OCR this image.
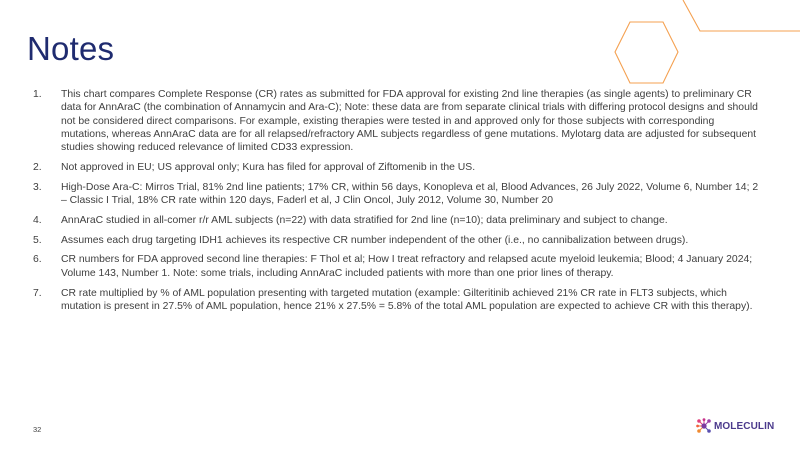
Notes
1.	This chart compares Complete Response (CR) rates as submitted for FDA approval for existing 2nd line therapies (as single agents) to preliminary CR data for AnnAraC (the combination of Annamycin and Ara-C); Note: these data are from separate clinical trials with differing protocol designs and should not be considered direct comparisons. For example, existing therapies were tested in and approved only for those subjects with corresponding mutations, whereas AnnAraC data are for all relapsed/refractory AML subjects regardless of gene mutations. Mylotarg data are adjusted for subsequent studies showing reduced relevance of limited CD33 expression.
2.	Not approved in EU; US approval only; Kura has filed for approval of Ziftomenib in the US.
3.	High-Dose Ara-C: Mirros Trial, 81% 2nd line patients; 17% CR, within 56 days, Konopleva et al, Blood Advances, 26 July 2022, Volume 6, Number 14; 2 – Classic I Trial, 18% CR rate within 120 days, Faderl et al, J Clin Oncol, July 2012, Volume 30, Number 20
4.	AnnAraC studied in all-comer r/r AML subjects (n=22) with data stratified for 2nd line (n=10); data preliminary and subject to change.
5.	Assumes each drug targeting IDH1 achieves its respective CR number independent of the other (i.e., no cannibalization between drugs).
6.	CR numbers for FDA approved second line therapies: F Thol et al; How I treat refractory and relapsed acute myeloid leukemia; Blood; 4 January 2024; Volume 143, Number 1. Note: some trials, including AnnAraC included patients with more than one prior lines of therapy.
7.	CR rate multiplied by % of AML population presenting with targeted mutation (example: Gilteritinib achieved 21% CR rate in FLT3 subjects, which mutation is present in 27.5% of AML population, hence 21% x 27.5% = 5.8% of the total AML population are expected to achieve CR with this therapy).
32	MOLECULIN
